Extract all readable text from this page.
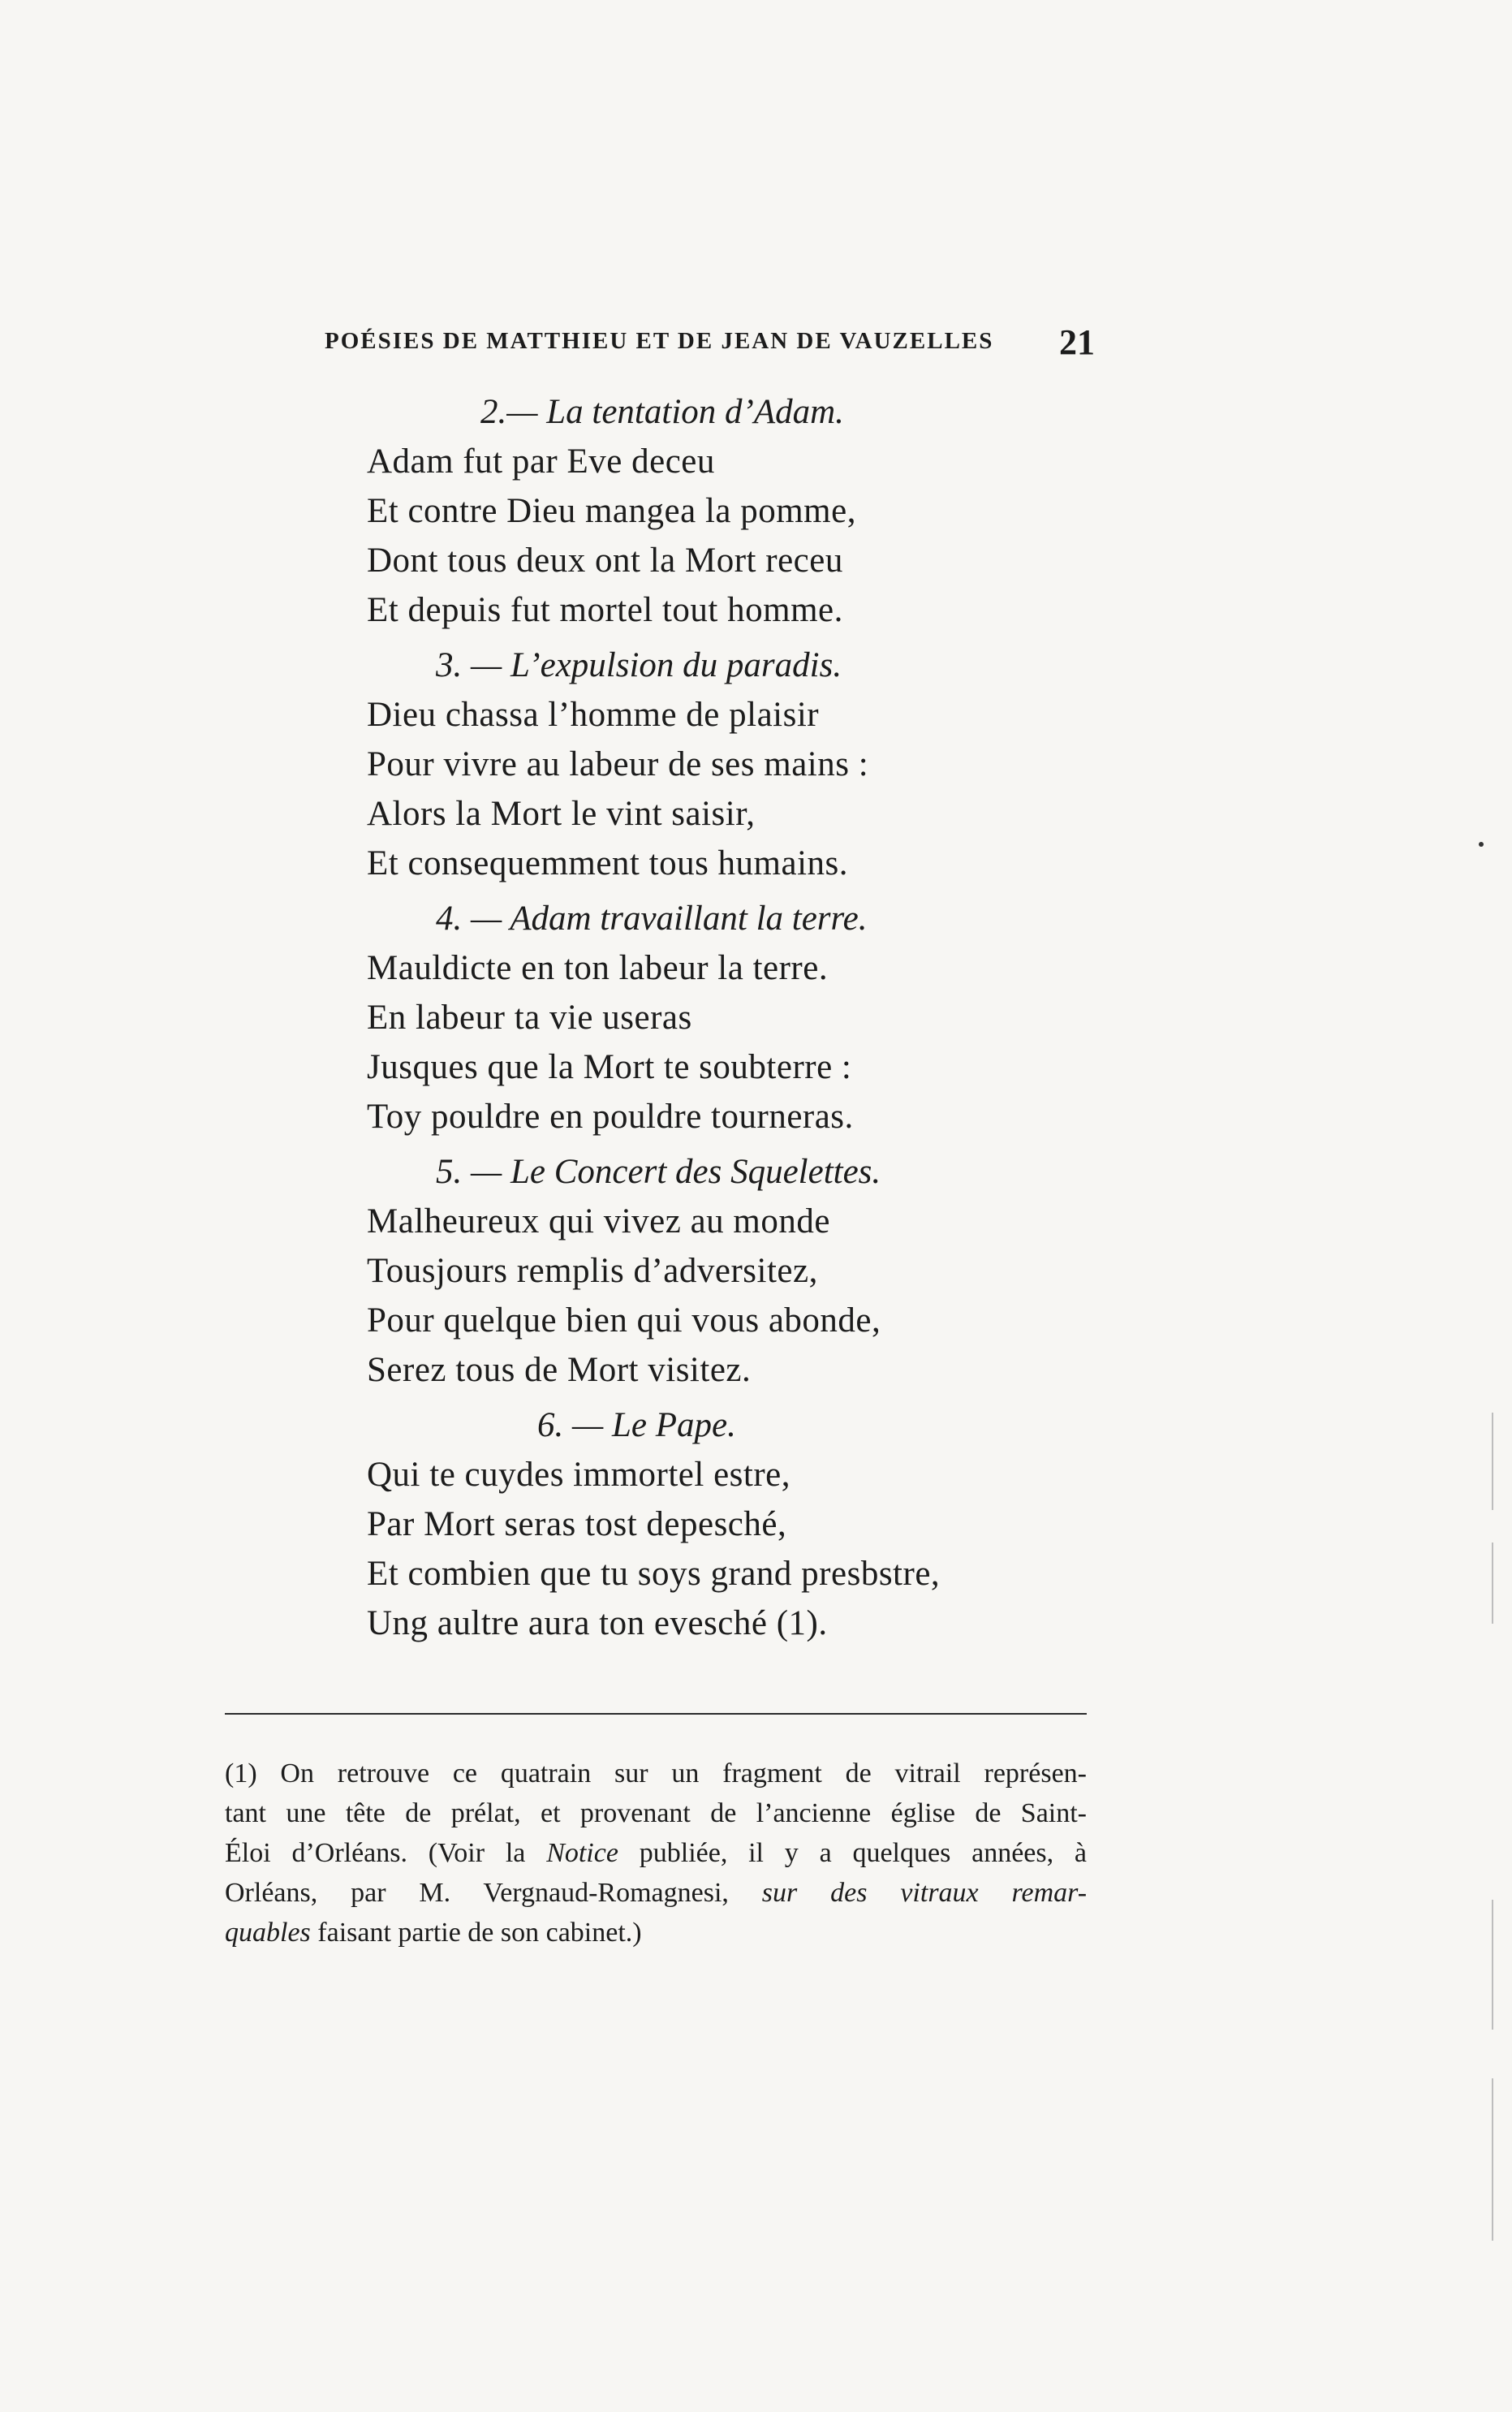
POÉSIES DE MATTHIEU ET DE JEAN DE VAUZELLES 21
2.— La tentation d’Adam.
Adam fut par Eve deceu
Et contre Dieu mangea la pomme,
Dont tous deux ont la Mort receu
Et depuis fut mortel tout homme.
3. — L’expulsion du paradis.
Dieu chassa l’homme de plaisir
Pour vivre au labeur de ses mains :
Alors la Mort le vint saisir,
Et consequemment tous humains.
4. — Adam travaillant la terre.
Mauldicte en ton labeur la terre.
En labeur ta vie useras
Jusques que la Mort te soubterre :
Toy pouldre en pouldre tourneras.
5. — Le Concert des Squelettes.
Malheureux qui vivez au monde
Tousjours remplis d’adversitez,
Pour quelque bien qui vous abonde,
Serez tous de Mort visitez.
6. — Le Pape.
Qui te cuydes immortel estre,
Par Mort seras tost depesché,
Et combien que tu soys grand presbstre,
Ung aultre aura ton evesché (1).
(1) On retrouve ce quatrain sur un fragment de vitrail représen-
tant une tête de prélat, et provenant de l’ancienne église de Saint-
Éloi d’Orléans. (Voir la Notice publiée, il y a quelques années, à
Orléans, par M. Vergnaud-Romagnesi, sur des vitraux remar-
quables faisant partie de son cabinet.)
